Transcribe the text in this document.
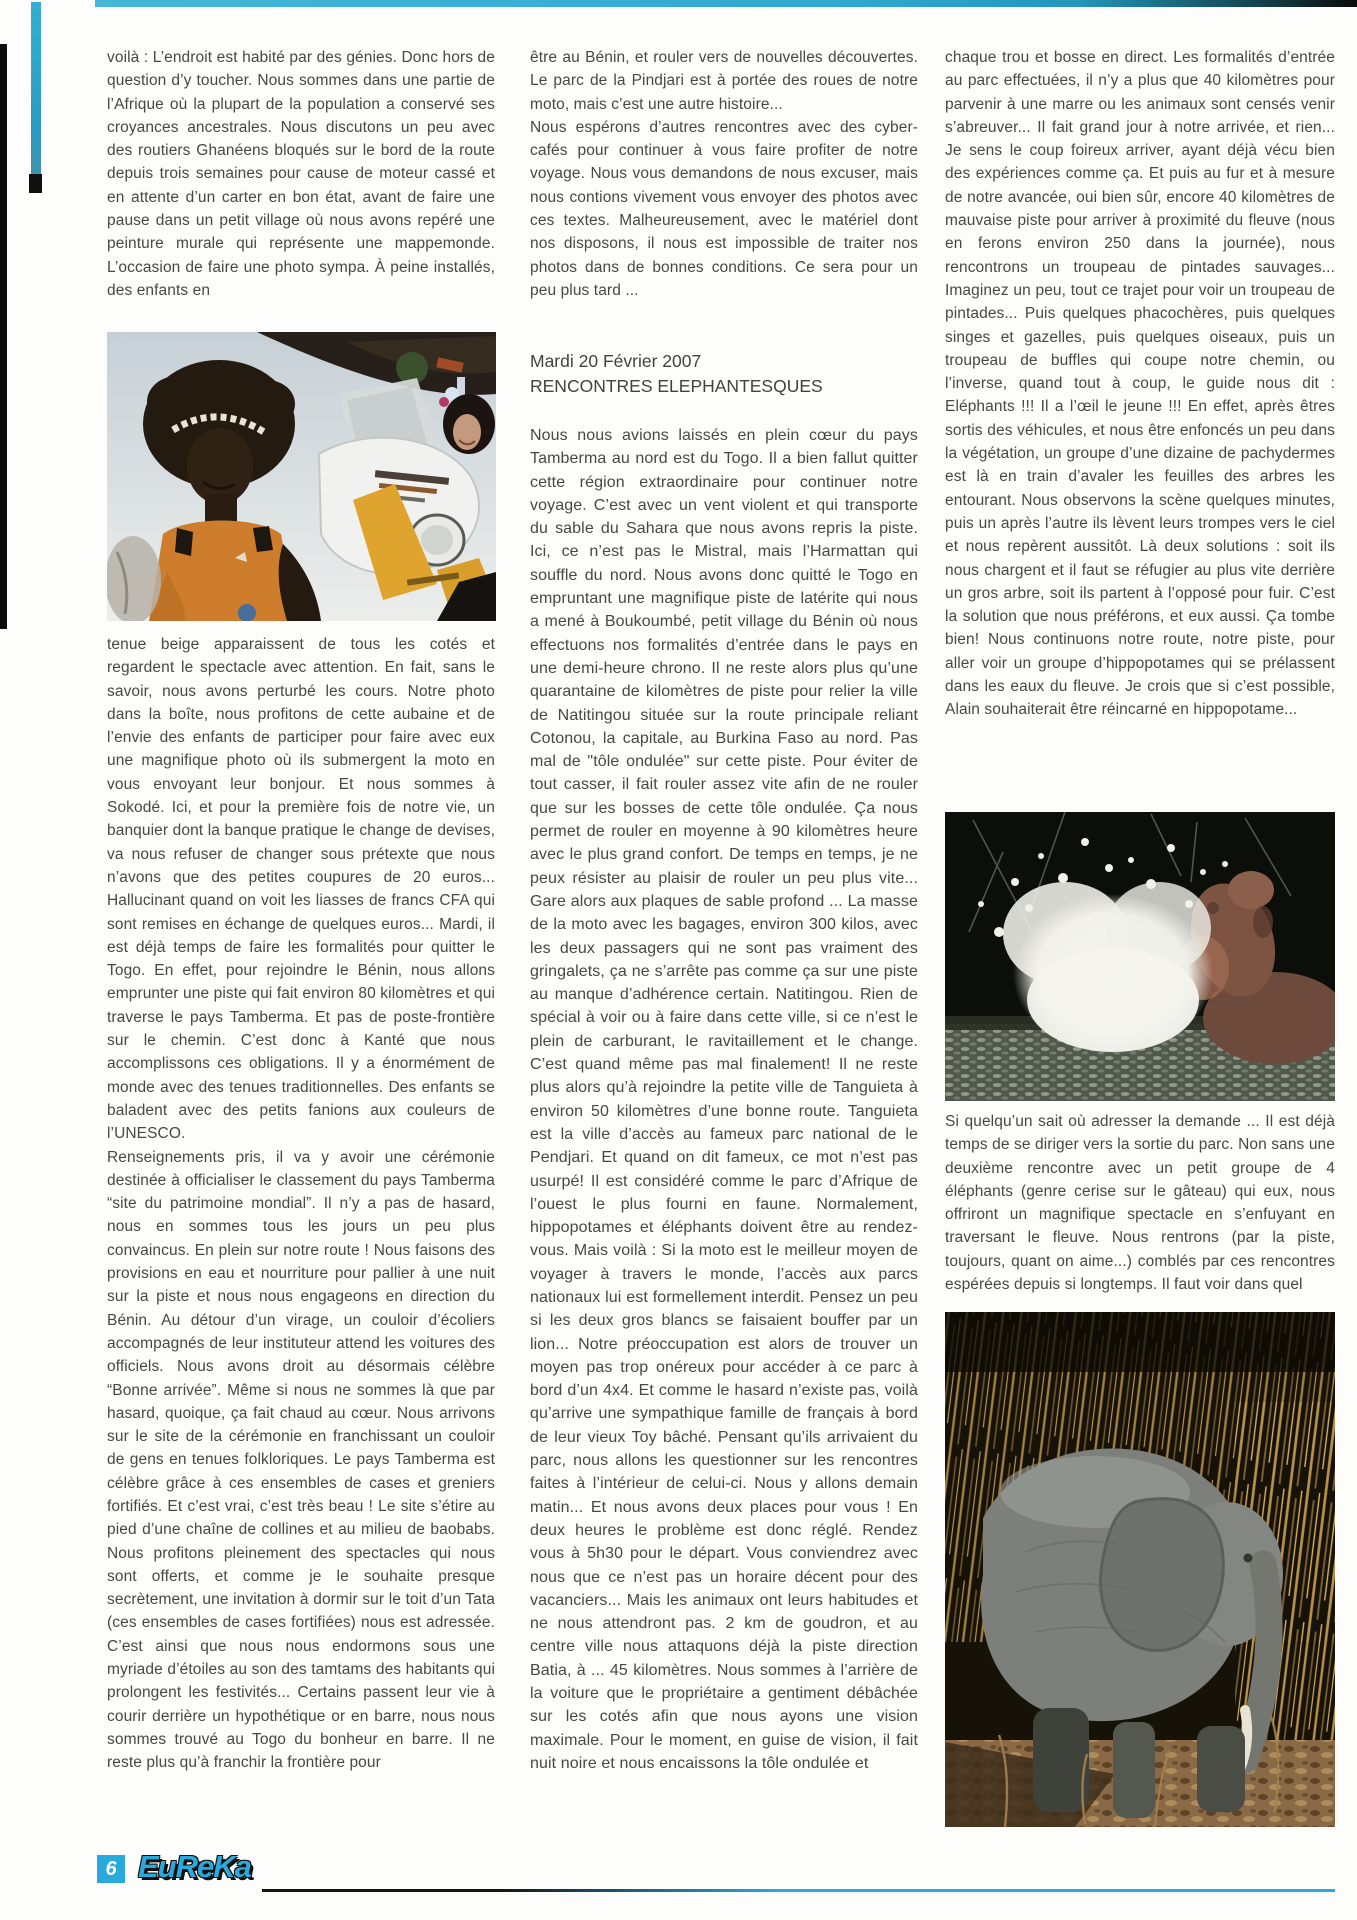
voilà : L’endroit est habité par des génies. Donc hors de question d’y toucher. Nous sommes dans une partie de l’Afrique où la plupart de la population a conservé ses croyances ancestrales. Nous discutons un peu avec des routiers Ghanéens bloqués sur le bord de la route depuis trois semaines pour cause de moteur cassé et en attente d’un carter en bon état, avant de faire une pause dans un petit village où nous avons repéré une peinture murale qui représente une mappemonde. L’occasion de faire une photo sympa. À peine installés, des enfants en

tenue beige apparaissent de tous les cotés et regardent le spectacle avec attention. En fait, sans le savoir, nous avons perturbé les cours. Notre photo dans la boîte, nous profitons de cette aubaine et de l’envie des enfants de participer pour faire avec eux une magnifique photo où ils submergent la moto en vous envoyant leur bonjour. Et nous sommes à Sokodé. Ici, et pour la première fois de notre vie, un banquier dont la banque pratique le change de devises, va nous refuser de changer sous prétexte que nous n’avons que des petites coupures de 20 euros... Hallucinant quand on voit les liasses de francs CFA qui sont remises en échange de quelques euros... Mardi, il est déjà temps de faire les formalités pour quitter le Togo. En effet, pour rejoindre le Bénin, nous allons emprunter une piste qui fait environ 80 kilomètres et qui traverse le pays Tamberma. Et pas de poste-frontière sur le chemin. C’est donc à Kanté que nous accomplissons ces obligations. Il y a énormément de monde avec des tenues traditionnelles. Des enfants se baladent avec des petits fanions aux couleurs de l’UNESCO.

Renseignements pris, il va y avoir une cérémonie destinée à officialiser le classement du pays Tamberma “site du patrimoine mondial”. Il n’y a pas de hasard, nous en sommes tous les jours un peu plus convaincus. En plein sur notre route ! Nous faisons des provisions en eau et nourriture pour pallier à une nuit sur la piste et nous nous engageons en direction du Bénin. Au détour d’un virage, un couloir d’écoliers accompagnés de leur instituteur attend les voitures des officiels. Nous avons droit au désormais célèbre “Bonne arrivée”. Même si nous ne sommes là que par hasard, quoique, ça fait chaud au cœur. Nous arrivons sur le site de la cérémonie en franchissant un couloir de gens en tenues folkloriques. Le pays Tamberma est célèbre grâce à ces ensembles de cases et greniers fortifiés. Et c’est vrai, c’est très beau ! Le site s’étire au pied d’une chaîne de collines et au milieu de baobabs. Nous profitons pleinement des spectacles qui nous sont offerts, et comme je le souhaite presque secrètement, une invitation à dormir sur le toit d’un Tata (ces ensembles de cases fortifiées) nous est adressée. C’est ainsi que nous nous endormons sous une myriade d’étoiles au son des tamtams des habitants qui prolongent les festivités... Certains passent leur vie à courir derrière un hypothétique or en barre, nous nous sommes trouvé au Togo du bonheur en barre. Il ne reste plus qu’à franchir la frontière pour

être au Bénin, et rouler vers de nouvelles découvertes. Le parc de la Pindjari est à portée des roues de notre moto, mais c’est une autre histoire...

Nous espérons d’autres rencontres avec des cyber-cafés pour continuer à vous faire profiter de notre voyage. Nous vous demandons de nous excuser, mais nous contions vivement vous envoyer des photos avec ces textes. Malheureusement, avec le matériel dont nos disposons, il nous est impossible de traiter nos photos dans de bonnes conditions. Ce sera pour un peu plus tard ...

Mardi 20 Février 2007
RENCONTRES ELEPHANTESQUES

Nous nous avions laissés en plein cœur du pays Tamberma au nord est du Togo. Il a bien fallut quitter cette région extraordinaire pour continuer notre voyage. C’est avec un vent violent et qui transporte du sable du Sahara que nous avons repris la piste. Ici, ce n’est pas le Mistral, mais l’Harmattan qui souffle du nord. Nous avons donc quitté le Togo en empruntant une magnifique piste de latérite qui nous a mené à Boukoumbé, petit village du Bénin où nous effectuons nos formalités d’entrée dans le pays en une demi-heure chrono. Il ne reste alors plus qu’une quarantaine de kilomètres de piste pour relier la ville de Natitingou située sur la route principale reliant Cotonou, la capitale, au Burkina Faso au nord. Pas mal de "tôle ondulée" sur cette piste. Pour éviter de tout casser, il fait rouler assez vite afin de ne rouler que sur les bosses de cette tôle ondulée. Ça nous permet de rouler en moyenne à 90 kilomètres heure avec le plus grand confort. De temps en temps, je ne peux résister au plaisir de rouler un peu plus vite... Gare alors aux plaques de sable profond ... La masse de la moto avec les bagages, environ 300 kilos, avec les deux passagers qui ne sont pas vraiment des gringalets, ça ne s’arrête pas comme ça sur une piste au manque d’adhérence certain. Natitingou. Rien de spécial à voir ou à faire dans cette ville, si ce n’est le plein de carburant, le ravitaillement et le change. C’est quand même pas mal finalement! Il ne reste plus alors qu’à rejoindre la petite ville de Tanguieta à environ 50 kilomètres d’une bonne route. Tanguieta est la ville d’accès au fameux parc national de le Pendjari. Et quand on dit fameux, ce mot n’est pas usurpé! Il est considéré comme le parc d’Afrique de l’ouest le plus fourni en faune. Normalement, hippopotames et éléphants doivent être au rendez-vous. Mais voilà : Si la moto est le meilleur moyen de voyager à travers le monde, l’accès aux parcs nationaux lui est formellement interdit. Pensez un peu si les deux gros blancs se faisaient bouffer par un lion... Notre préoccupation est alors de trouver un moyen pas trop onéreux pour accéder à ce parc à bord d’un 4x4. Et comme le hasard n’existe pas, voilà qu’arrive une sympathique famille de français à bord de leur vieux Toy bâché. Pensant qu’ils arrivaient du parc, nous allons les questionner sur les rencontres faites à l’intérieur de celui-ci. Nous y allons demain matin... Et nous avons deux places pour vous ! En deux heures le problème est donc réglé. Rendez vous à 5h30 pour le départ. Vous conviendrez avec nous que ce n’est pas un horaire décent pour des vacanciers... Mais les animaux ont leurs habitudes et ne nous attendront pas. 2 km de goudron, et au centre ville nous attaquons déjà la piste direction Batia, à ... 45 kilomètres. Nous sommes à l’arrière de la voiture que le propriétaire a gentiment débâchée sur les cotés afin que nous ayons une vision maximale. Pour le moment, en guise de vision, il fait nuit noire et nous encaissons la tôle ondulée et

chaque trou et bosse en direct. Les formalités d’entrée au parc effectuées, il n’y a plus que 40 kilomètres pour parvenir à une marre ou les animaux sont censés venir s’abreuver... Il fait grand jour à notre arrivée, et rien... Je sens le coup foireux arriver, ayant déjà vécu bien des expériences comme ça. Et puis au fur et à mesure de notre avancée, oui bien sûr, encore 40 kilomètres de mauvaise piste pour arriver à proximité du fleuve (nous en ferons environ 250 dans la journée), nous rencontrons un troupeau de pintades sauvages... Imaginez un peu, tout ce trajet pour voir un troupeau de pintades... Puis quelques phacochères, puis quelques singes et gazelles, puis quelques oiseaux, puis un troupeau de buffles qui coupe notre chemin, ou l’inverse, quand tout à coup, le guide nous dit : Eléphants !!! Il a l’œil le jeune !!! En effet, après êtres sortis des véhicules, et nous être enfoncés un peu dans la végétation, un groupe d’une dizaine de pachydermes est là en train d’avaler les feuilles des arbres les entourant. Nous observons la scène quelques minutes, puis un après l’autre ils lèvent leurs trompes vers le ciel et nous repèrent aussitôt. Là deux solutions : soit ils nous chargent et il faut se réfugier au plus vite derrière un gros arbre, soit ils partent à l’opposé pour fuir. C’est la solution que nous préférons, et eux aussi. Ça tombe bien! Nous continuons notre route, notre piste, pour aller voir un groupe d’hippopotames qui se prélassent dans les eaux du fleuve. Je crois que si c’est possible, Alain souhaiterait être réincarné en hippopotame...

Si quelqu’un sait où adresser la demande ... Il est déjà temps de se diriger vers la sortie du parc. Non sans une deuxième rencontre avec un petit groupe de 4 éléphants (genre cerise sur le gâteau) qui eux, nous offriront un magnifique spectacle en s’enfuyant en traversant le fleuve. Nous rentrons (par la piste, toujours, quant on aime...) comblés par ces rencontres espérées depuis si longtemps. Il faut voir dans quel

6 EuReKa
